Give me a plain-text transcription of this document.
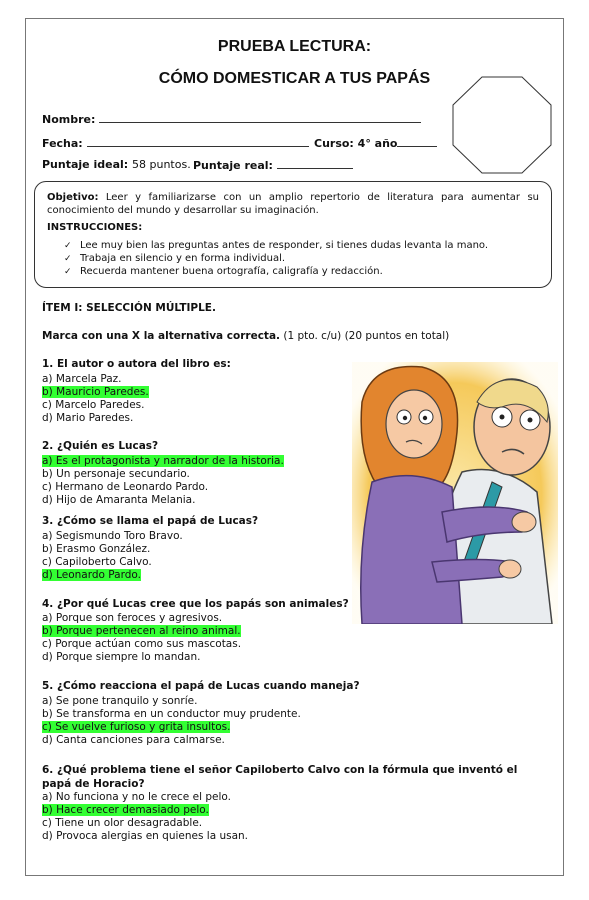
PRUEBA LECTURA:
CÓMO DOMESTICAR A TUS PAPÁS
Nombre:
Fecha:	Curso: 4° año
Puntaje ideal: 58 puntos. Puntaje real:
Objetivo: Leer y familiarizarse con un amplio repertorio de literatura para aumentar su conocimiento del mundo y desarrollar su imaginación.
INSTRUCCIONES:
✓ Lee muy bien las preguntas antes de responder, si tienes dudas levanta la mano.
✓ Trabaja en silencio y en forma individual.
✓ Recuerda mantener buena ortografía, caligrafía y redacción.
ÍTEM I: SELECCIÓN MÚLTIPLE.
Marca con una X la alternativa correcta. (1 pto. c/u) (20 puntos en total)
1. El autor o autora del libro es:
a) Marcela Paz.
b) Mauricio Paredes.
c) Marcelo Paredes.
d) Mario Paredes.
2. ¿Quién es Lucas?
a) Es el protagonista y narrador de la historia.
b) Un personaje secundario.
c) Hermano de Leonardo Pardo.
d) Hijo de Amaranta Melania.
3. ¿Cómo se llama el papá de Lucas?
a) Segismundo Toro Bravo.
b) Erasmo González.
c) Capiloberto Calvo.
d) Leonardo Pardo.
4. ¿Por qué Lucas cree que los papás son animales?
a) Porque son feroces y agresivos.
b) Porque pertenecen al reino animal.
c) Porque actúan como sus mascotas.
d) Porque siempre lo mandan.
5. ¿Cómo reacciona el papá de Lucas cuando maneja?
a) Se pone tranquilo y sonríe.
b) Se transforma en un conductor muy prudente.
c) Se vuelve furioso y grita insultos.
d) Canta canciones para calmarse.
6. ¿Qué problema tiene el señor Capiloberto Calvo con la fórmula que inventó el papá de Horacio?
a) No funciona y no le crece el pelo.
b) Hace crecer demasiado pelo.
c) Tiene un olor desagradable.
d) Provoca alergias en quienes la usan.
